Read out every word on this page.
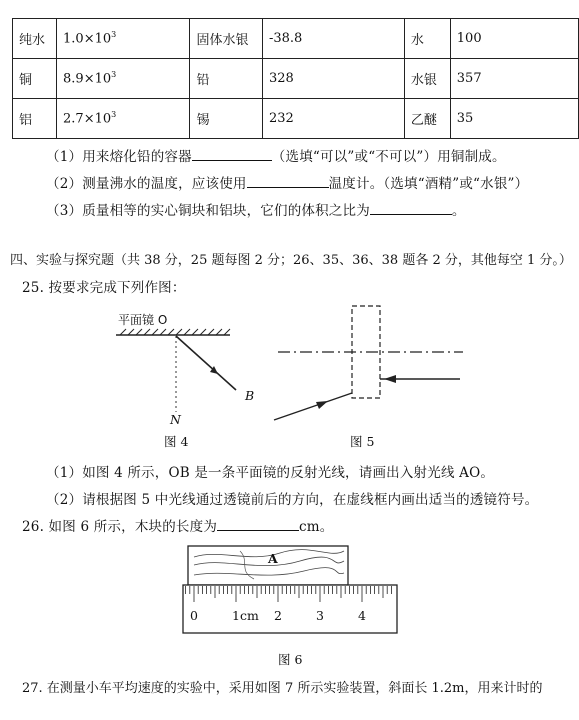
纯水	$1.0\times 10^3$	固体水银	-38.8	水	100
铜	$8.9\times 10^3$	铅	328	水银	357
铝	$2.7\times 10^3$	锡	232	乙醚	35
（1）用来熔化铅的容器	（选填“可以”或“不可以”）用铜制成。
（2）测量沸水的温度，应该使用	温度计。（选填“酒精”或“水银”）
（3）质量相等的实心铜块和铝块，它们的体积之比为	。
四、实验与探究题（共 38 分，25 题每图 2 分；26、35、36、38 题各 2 分，其他每空 1 分。）
25. 按要求完成下列作图：
平面镜 O
B
N
图 4	图 5
（1）如图 4 所示，OB 是一条平面镜的反射光线，请画出入射光线 AO。
（2）请根据图 5 中光线通过透镜前后的方向，在虚线框内画出适当的透镜符号。
26. 如图 6 所示，木块的长度为	cm。
A
0	1cm 2	3	4
图 6
27. 在测量小车平均速度的实验中，采用如图 7 所示实验装置，斜面长 1.2m，用来计时的
